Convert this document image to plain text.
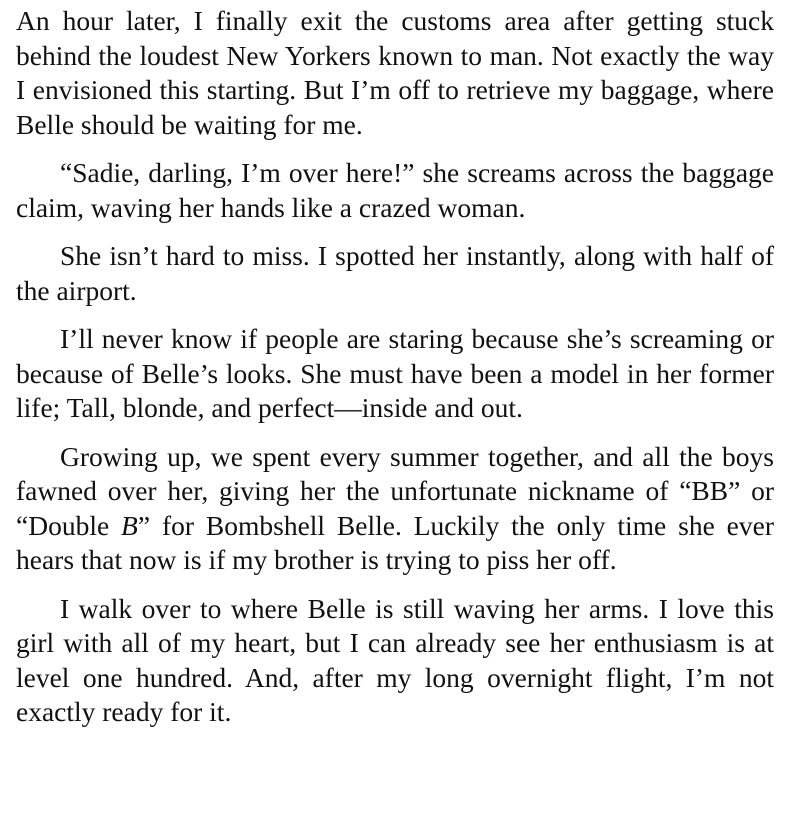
An hour later, I finally exit the customs area after getting stuck behind the loudest New Yorkers known to man. Not exactly the way I envisioned this starting. But I’m off to retrieve my baggage, where Belle should be waiting for me.

“Sadie, darling, I’m over here!” she screams across the baggage claim, waving her hands like a crazed woman.

She isn’t hard to miss. I spotted her instantly, along with half of the airport.

I’ll never know if people are staring because she’s screaming or because of Belle’s looks. She must have been a model in her former life; Tall, blonde, and perfect—inside and out.

Growing up, we spent every summer together, and all the boys fawned over her, giving her the unfortunate nickname of “BB” or “Double B” for Bombshell Belle. Luckily the only time she ever hears that now is if my brother is trying to piss her off.

I walk over to where Belle is still waving her arms. I love this girl with all of my heart, but I can already see her enthusiasm is at level one hundred. And, after my long overnight flight, I’m not exactly ready for it.
